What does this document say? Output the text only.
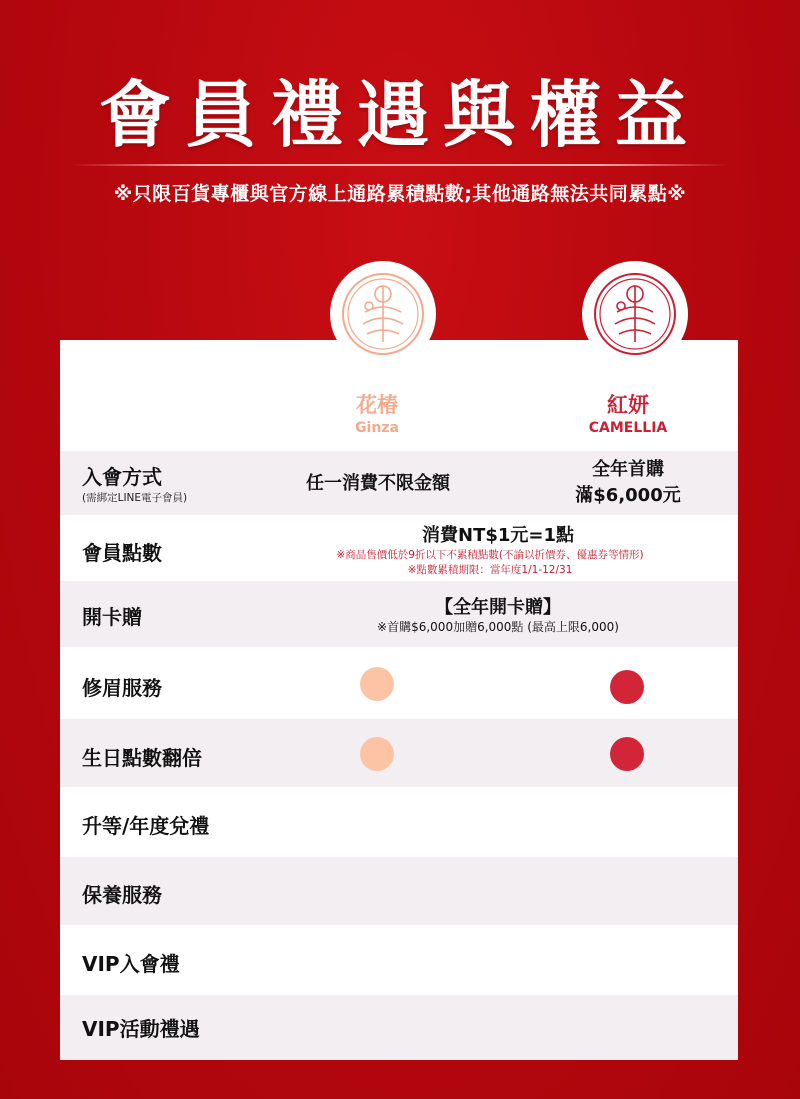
會員禮遇與權益
※只限百貨專櫃與官方線上通路累積點數;其他通路無法共同累點※
花椿
Ginza
紅妍
CAMELLIA
入會方式
(需綁定LINE電子會員)
任一消費不限金額
全年首購
滿$6,000元
會員點數
消費NT$1元=1點
※商品售價低於9折以下不累積點數(不論以折價券、優惠券等情形)
※點數累積期限：當年度1/1-12/31
開卡贈	【全年開卡贈】
※首購$6,000加贈6,000點 (最高上限6,000)
修眉服務
生日點數翻倍
升等/年度兌禮
保養服務
VIP入會禮
VIP活動禮遇
